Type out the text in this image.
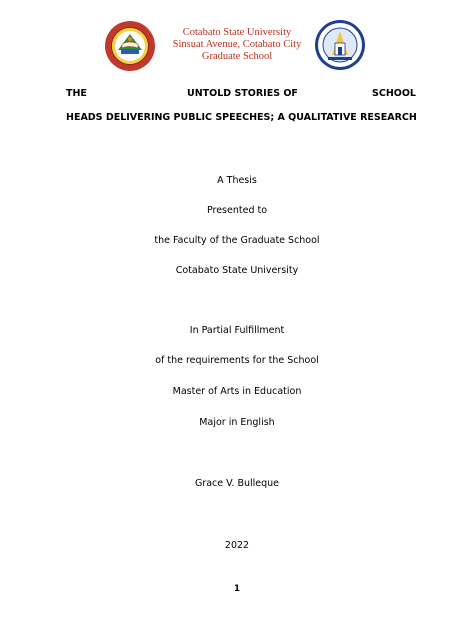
Cotabato State University
Sinsuat Avenue, Cotabato City
Graduate School
THE	UNTOLD STORIES OF	SCHOOL
HEADS DELIVERING PUBLIC SPEECHES; A QUALITATIVE RESEARCH
A Thesis
Presented to
the Faculty of the Graduate School
Cotabato State University
In Partial Fulfillment
of the requirements for the School
Master of Arts in Education
Major in English
Grace V. Bulleque
2022
1
